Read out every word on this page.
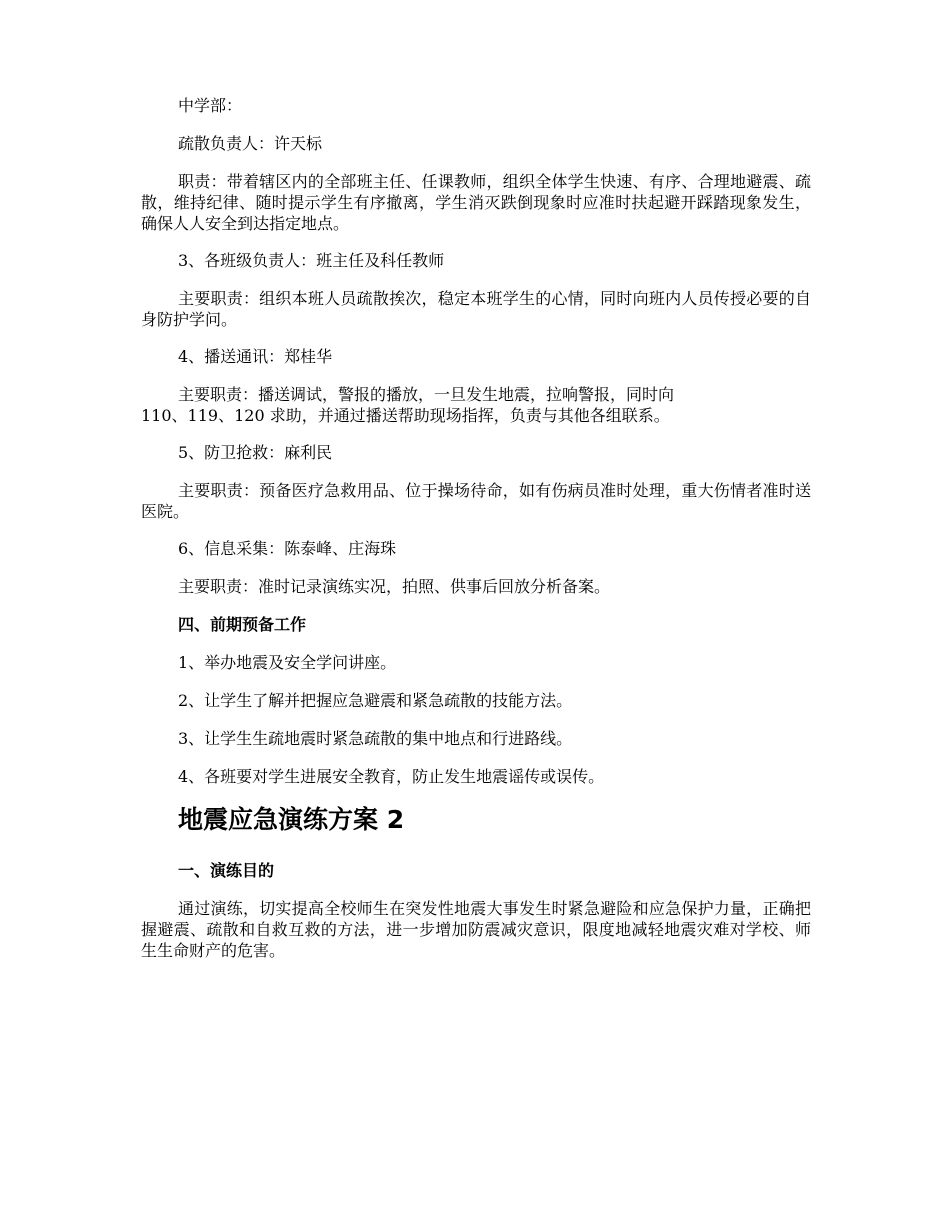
中学部：

疏散负责人：许天标

职责：带着辖区内的全部班主任、任课教师，组织全体学生快速、有序、合理地避震、疏散，维持纪律、随时提示学生有序撤离，学生消灭跌倒现象时应准时扶起避开踩踏现象发生，确保人人安全到达指定地点。

3、各班级负责人：班主任及科任教师

主要职责：组织本班人员疏散挨次，稳定本班学生的心情，同时向班内人员传授必要的自身防护学问。

4、播送通讯：郑桂华

主要职责：播送调试，警报的播放，一旦发生地震，拉响警报，同时向
110、119、120 求助，并通过播送帮助现场指挥，负责与其他各组联系。

5、防卫抢救：麻利民

主要职责：预备医疗急救用品、位于操场待命，如有伤病员准时处理，重大伤情者准时送医院。

6、信息采集：陈泰峰、庄海珠

主要职责：准时记录演练实况，拍照、供事后回放分析备案。

四、前期预备工作

1、举办地震及安全学问讲座。

2、让学生了解并把握应急避震和紧急疏散的技能方法。

3、让学生生疏地震时紧急疏散的集中地点和行进路线。

4、各班要对学生进展安全教育，防止发生地震谣传或误传。

地震应急演练方案 2

一、演练目的

通过演练，切实提高全校师生在突发性地震大事发生时紧急避险和应急保护力量，正确把握避震、疏散和自救互救的方法，进一步增加防震减灾意识，限度地减轻地震灾难对学校、师生生命财产的危害。
